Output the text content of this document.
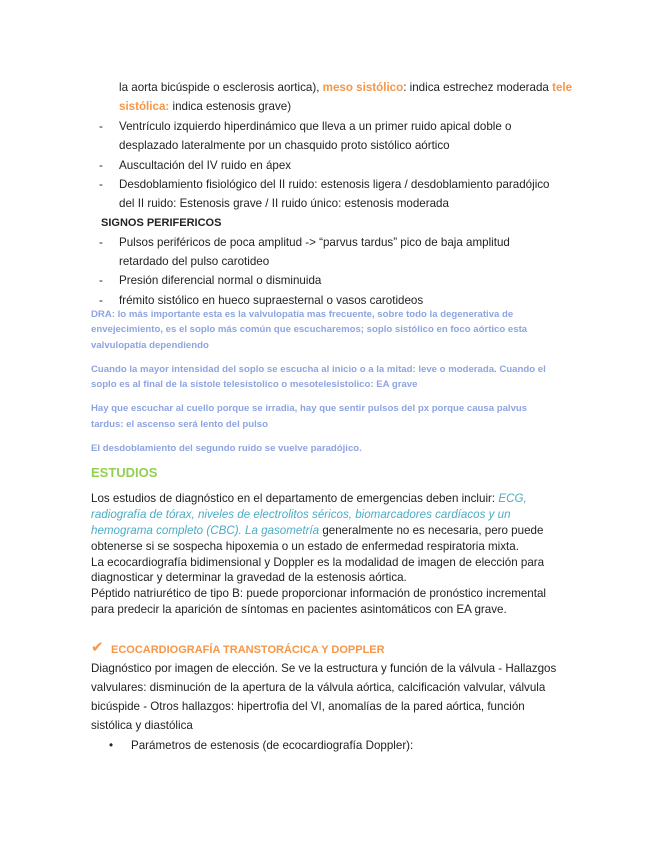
la aorta bicúspide o esclerosis aortica), meso sistólico: indica estrechez moderada tele
sistólica: indica estenosis grave)
- Ventrículo izquierdo hiperdinámico que lleva a un primer ruido apical doble o
desplazado lateralmente por un chasquido proto sistólico aórtico
- Auscultación del IV ruido en ápex
- Desdoblamiento fisiológico del II ruido: estenosis ligera / desdoblamiento paradójico
del II ruido: Estenosis grave / II ruido único: estenosis moderada
SIGNOS PERIFERICOS
- Pulsos periféricos de poca amplitud -> “parvus tardus” pico de baja amplitud
retardado del pulso carotideo
- Presión diferencial normal o disminuida
- frémito sistólico en hueco supraesternal o vasos carotideos
DRA: lo más importante esta es la valvulopatía mas frecuente, sobre todo la degenerativa de
envejecimiento, es el soplo más común que escucharemos; soplo sistólico en foco aórtico esta
valvulopatía dependiendo
Cuando la mayor intensidad del soplo se escucha al inicio o a la mitad: leve o moderada. Cuando el
soplo es al final de la sístole telesistolico o mesotelesistolico: EA grave
Hay que escuchar al cuello porque se irradia, hay que sentir pulsos del px porque causa palvus
tardus: el ascenso será lento del pulso
El desdoblamiento del segundo ruido se vuelve paradójico.
ESTUDIOS
Los estudios de diagnóstico en el departamento de emergencias deben incluir: ECG,
radiografía de tórax, niveles de electrolitos séricos, biomarcadores cardíacos y un
hemograma completo (CBC). La gasometría generalmente no es necesaria, pero puede
obtenerse si se sospecha hipoxemia o un estado de enfermedad respiratoria mixta.
La ecocardiografía bidimensional y Doppler es la modalidad de imagen de elección para
diagnosticar y determinar la gravedad de la estenosis aórtica.
Péptido natriurético de tipo B: puede proporcionar información de pronóstico incremental
para predecir la aparición de síntomas en pacientes asintomáticos con EA grave.
✔ ECOCARDIOGRAFÍA TRANSTORÁCICA Y DOPPLER
Diagnóstico por imagen de elección. Se ve la estructura y función de la válvula - Hallazgos
valvulares: disminución de la apertura de la válvula aórtica, calcificación valvular, válvula
bicúspide - Otros hallazgos: hipertrofia del VI, anomalías de la pared aórtica, función
sistólica y diastólica
• Parámetros de estenosis (de ecocardiografía Doppler):
